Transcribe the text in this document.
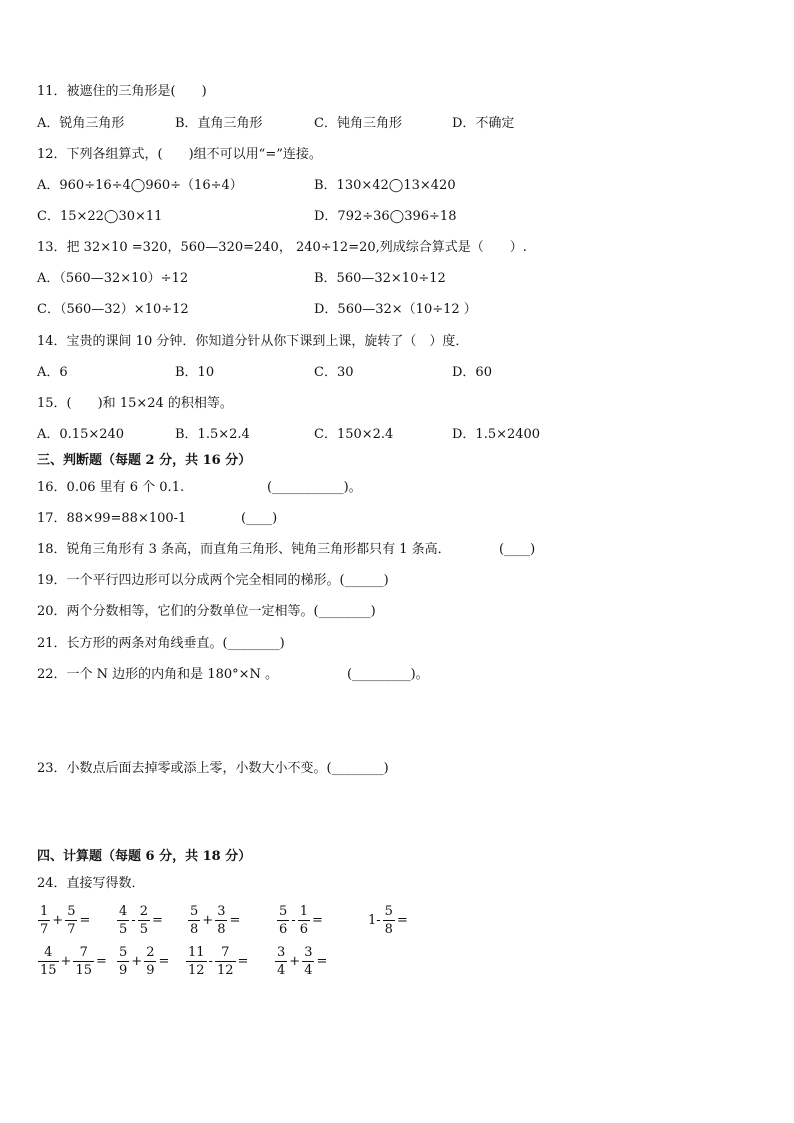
11．被遮住的三角形是(　　)
A．锐角三角形	B．直角三角形	C．钝角三角形	D．不确定
12．下列各组算式，(　　)组不可以用“=”连接。
A．960÷16÷4◯960÷（16÷4）	B．130×42◯13×420
C．15×22◯30×11	D．792÷36◯396÷18
13．把 32×10 =320，560—320=240， 240÷12=20,列成综合算式是（　　）.
A．（560—32×10）÷12	B．560—32×10÷12
C．（560—32）×10÷12	D．560—32×（10÷12 ）
14．宝贵的课间 10 分钟．你知道分针从你下课到上课，旋转了（　）度．
A．6	B．10	C．30	D．60
15．(　　)和 15×24 的积相等。
A．0.15×240	B．1.5×2.4	C．150×2.4	D．1.5×2400
三、判断题（每题 2 分，共 16 分）
16．0.06 里有 6 个 0.1.	(___________)。
17．88×99=88×100-1	(____)
18．锐角三角形有 3 条高，而直角三角形、钝角三角形都只有 1 条高．	(____)
19．一个平行四边形可以分成两个完全相同的梯形。(______)
20．两个分数相等，它们的分数单位一定相等。(________)
21．长方形的两条对角线垂直。(________)
22．一个 N 边形的内角和是 180°×N 。	(_________)。
23．小数点后面去掉零或添上零，小数大小不变。(________)
四、计算题（每题 6 分，共 18 分）
24．直接写得数．
$\frac{1}{7} + \frac{5}{7} = \frac{4}{5} - \frac{2}{5} = \frac{5}{8} + \frac{3}{8}$ =	$\frac{5}{6} - \frac{1}{6}$ =	$1- \frac{5}{8}$ =
$\frac{4}{15} + \frac{7}{15} = \frac{5}{9} + \frac{2}{9} = \frac{11}{12} - \frac{7}{12} = \frac{3}{4} + \frac{3}{4}$ =
